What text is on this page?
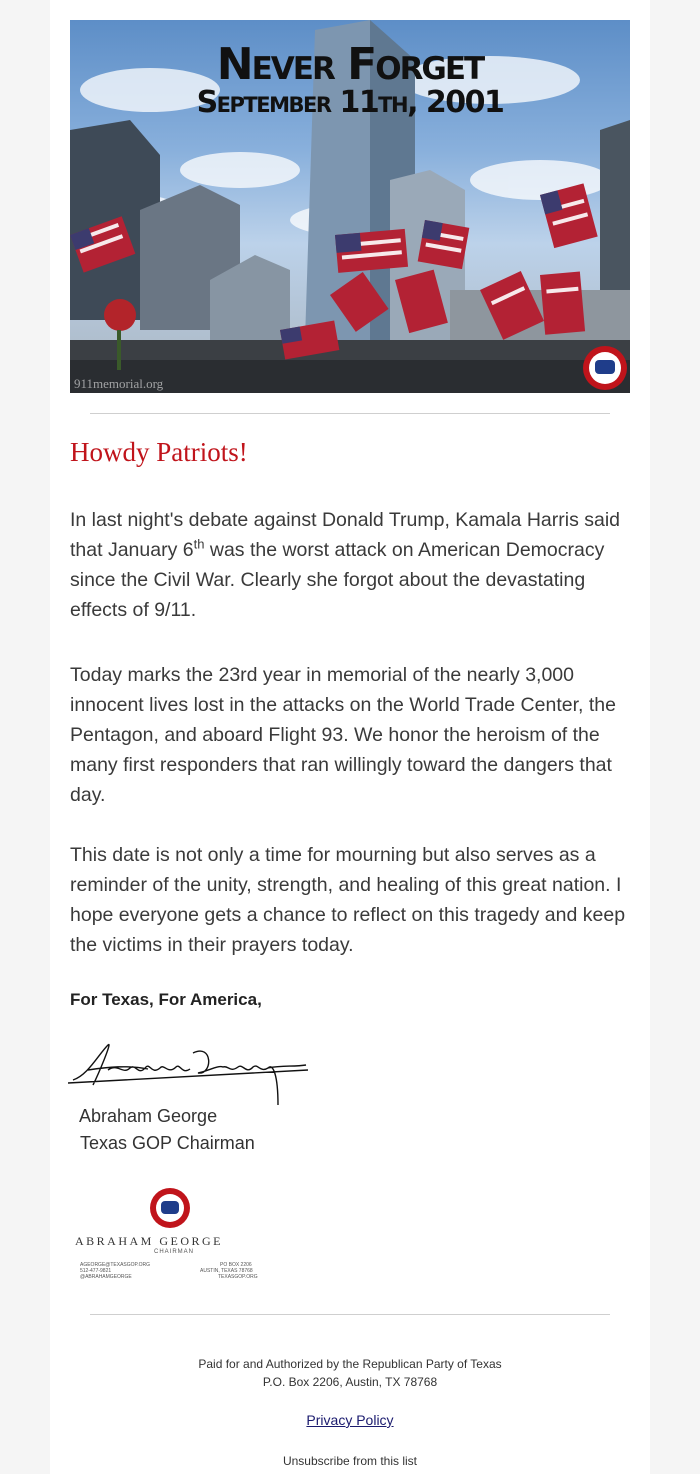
Never Forget
September 11th, 2001
911memorial.org
Howdy Patriots!
In last night's debate against Donald Trump, Kamala Harris said that January 6th was the worst attack on American Democracy since the Civil War. Clearly she forgot about the devastating effects of 9/11.
Today marks the 23rd year in memorial of the nearly 3,000 innocent lives lost in the attacks on the World Trade Center, the Pentagon, and aboard Flight 93. We honor the heroism of the many first responders that ran willingly toward the dangers that day.
This date is not only a time for mourning but also serves as a reminder of the unity, strength, and healing of this great nation. I hope everyone gets a chance to reflect on this tragedy and keep the victims in their prayers today.
For Texas, For America,
Abraham George
Texas GOP Chairman
ABRAHAM GEORGE
CHAIRMAN
AGEORGE@TEXASGOP.ORG
512-477-9821
@ABRAHAMGEORGE
PO BOX 2206
AUSTIN, TEXAS 78768
TEXASGOP.ORG
Paid for and Authorized by the Republican Party of Texas
P.O. Box 2206, Austin, TX 78768
Privacy Policy
Unsubscribe from this list
